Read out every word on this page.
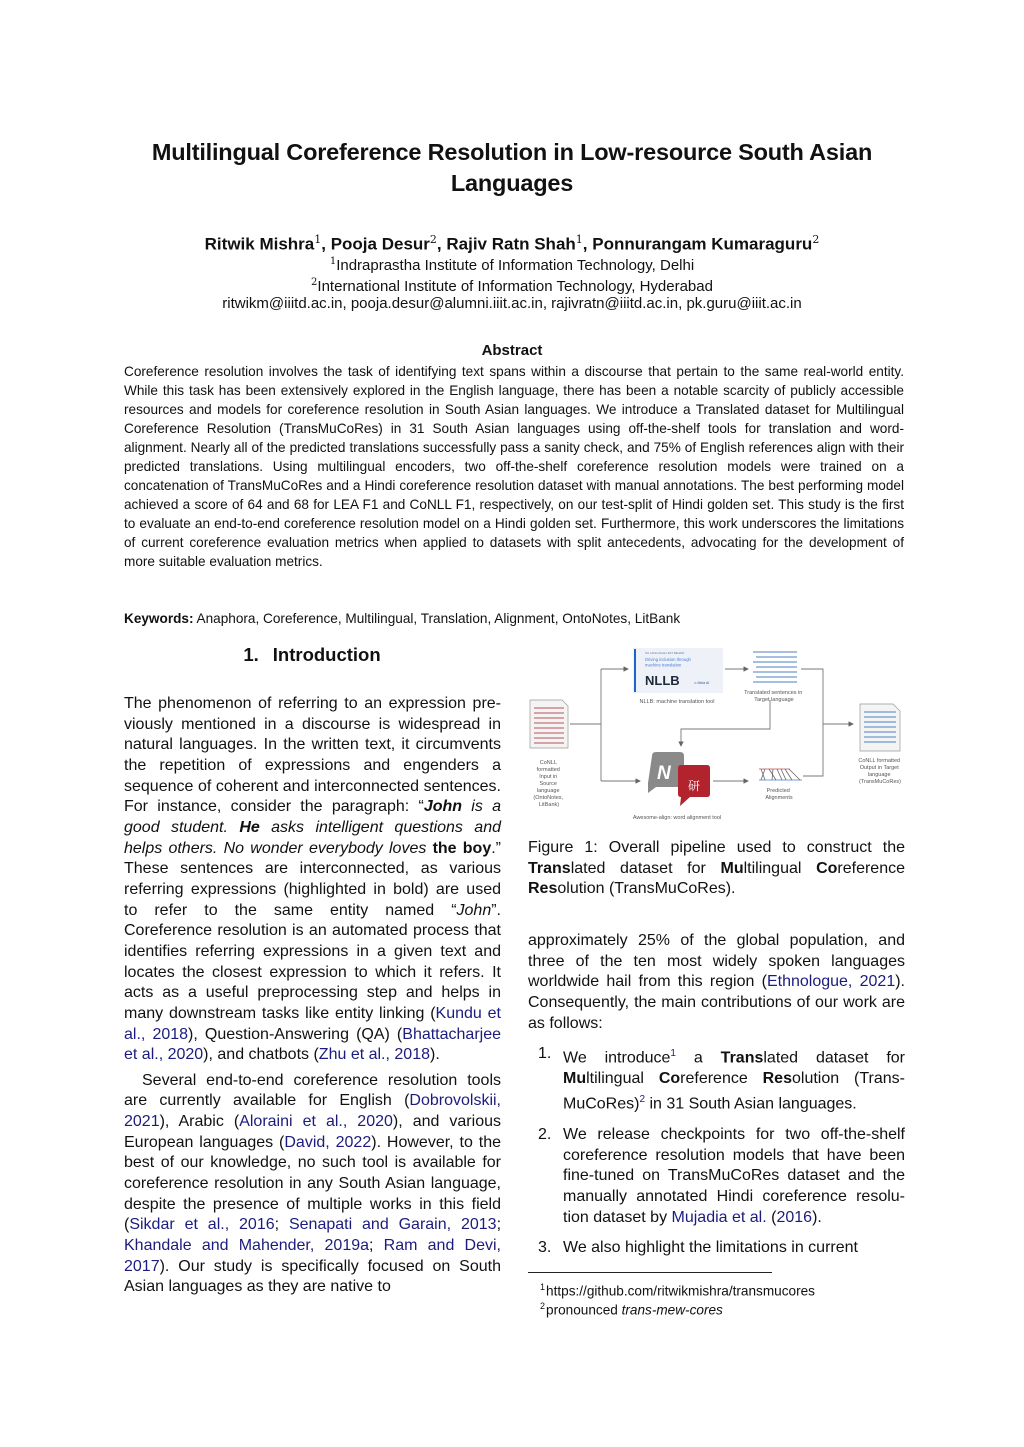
Multilingual Coreference Resolution in Low-resource South Asian Languages
Ritwik Mishra$^1$, Pooja Desur$^2$, Rajiv Ratn Shah$^1$, Ponnurangam Kumaraguru$^2$
$^1$Indraprastha Institute of Information Technology, Delhi
$^2$International Institute of Information Technology, Hyderabad
ritwikm@iiitd.ac.in, pooja.desur@alumni.iiit.ac.in, rajivratn@iiitd.ac.in, pk.guru@iiit.ac.in
Abstract
Coreference resolution involves the task of identifying text spans within a discourse that pertain to the same real-world entity. While this task has been extensively explored in the English language, there has been a notable scarcity of publicly accessible resources and models for coreference resolution in South Asian languages. We introduce a Translated dataset for Multilingual Coreference Resolution (TransMuCoRes) in 31 South Asian languages using off-the-shelf tools for translation and word-alignment. Nearly all of the predicted translations successfully pass a sanity check, and 75% of English references align with their predicted translations. Using multilingual encoders, two off-the-shelf coreference resolution models were trained on a concatenation of TransMuCoRes and a Hindi coreference resolution dataset with manual annotations. The best performing model achieved a score of 64 and 68 for LEA F1 and CoNLL F1, respectively, on our test-split of Hindi golden set. This study is the first to evaluate an end-to-end coreference resolution model on a Hindi golden set. Furthermore, this work underscores the limitations of current coreference evaluation metrics when applied to datasets with split antecedents, advocating for the development of more suitable evaluation metrics.
Keywords: Anaphora, Coreference, Multilingual, Translation, Alignment, OntoNotes, LitBank
1. Introduction

The phenomenon of referring to an expression previously mentioned in a discourse is widespread in natural languages. In the written text, it circumvents the repetition of expressions and engenders a sequence of coherent and interconnected sentences. For instance, consider the paragraph: “John is a good student. He asks intelligent questions and helps others. No wonder everybody loves the boy.” These sentences are interconnected, as various referring expressions (highlighted in bold) are used to refer to the same entity named “John”. Coreference resolution is an automated process that identifies referring expressions in a given text and locates the closest expression to which it refers. It acts as a useful preprocessing step and helps in many downstream tasks like entity linking (Kundu et al., 2018), Question-Answering (QA) (Bhattacharjee et al., 2020), and chatbots (Zhu et al., 2018).

Several end-to-end coreference resolution tools are currently available for English (Dobrovolskii, 2021), Arabic (Aloraini et al., 2020), and various European languages (David, 2022). However, to the best of our knowledge, no such tool is available for coreference resolution in any South Asian language, despite the presence of multiple works in this field (Sikdar et al., 2016; Senapati and Garain, 2013; Khandale and Mahender, 2019a; Ram and Devi, 2017). Our study is specifically focused on South Asian languages as they are native to

CoNLL formatted Input in Source language (OntoNotes, LitBank)
NO LANGUAGE LEFT BEHIND
Driving inclusion through
machine translation
NLLB	∞ Meta AI
NLLB: machine translation tool
Translated sentences in Target language
N
研
Awesome-align: word alignment tool
Predicted Alignments
CoNLL formatted Output in Target language (TransMuCoRes)
Figure 1: Overall pipeline used to construct the Translated dataset for Multilingual Coreference Resolution (TransMuCoRes).

approximately 25% of the global population, and three of the ten most widely spoken languages worldwide hail from this region (Ethnologue, 2021). Consequently, the main contributions of our work are as follows:

1. We introduce$^1$ a Translated dataset for Multilingual Coreference Resolution (TransMuCoRes)$^2$ in 31 South Asian languages.
2. We release checkpoints for two off-the-shelf coreference resolution models that have been fine-tuned on TransMuCoRes dataset and the manually annotated Hindi coreference resolution dataset by Mujadia et al. (2016).
3. We also highlight the limitations in current
$^1$https://github.com/ritwikmishra/transmucores
$^2$pronounced trans-mew-cores
